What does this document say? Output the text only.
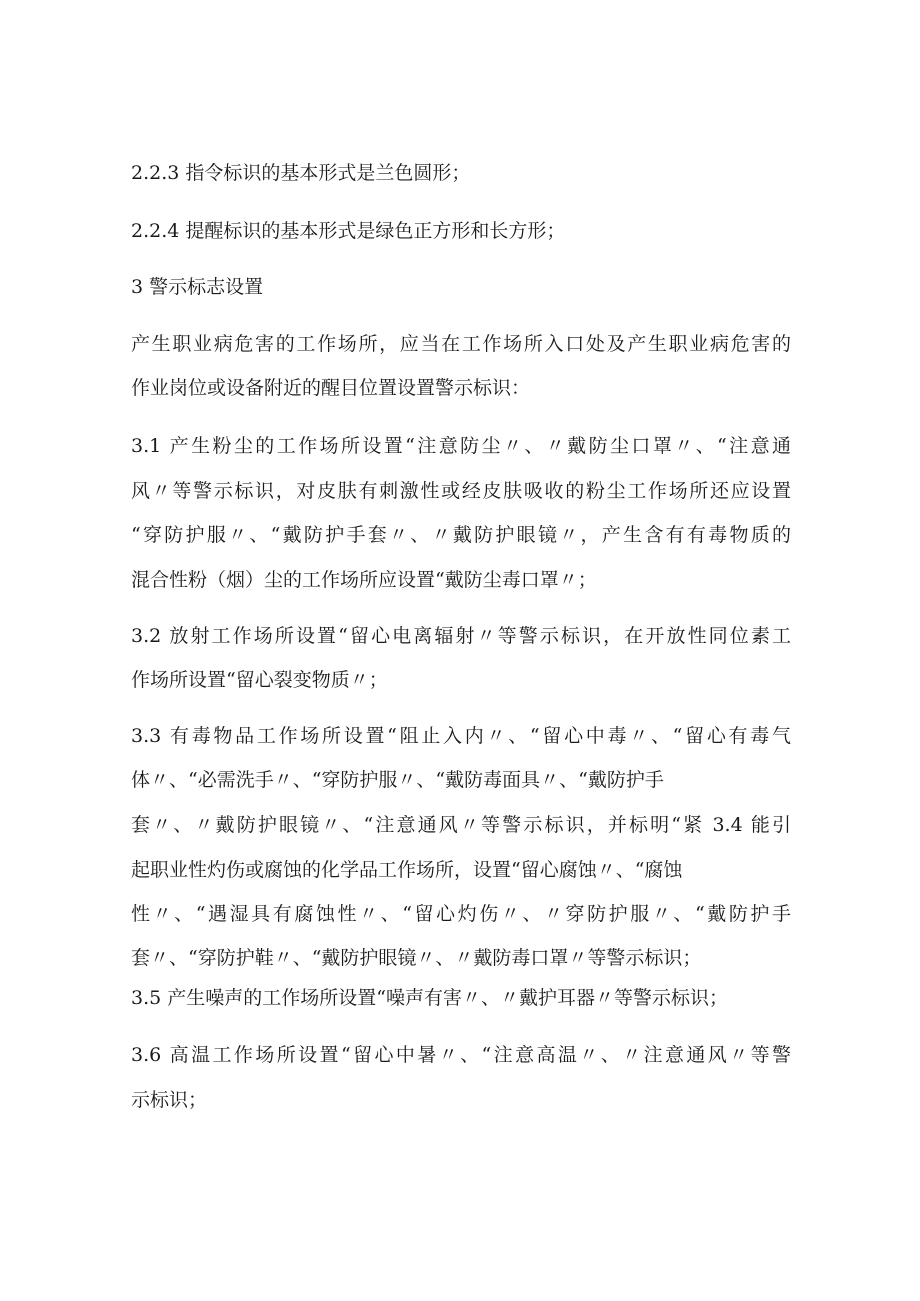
2.2.3 指令标识的基本形式是兰色圆形；
2.2.4 提醒标识的基本形式是绿色正方形和长方形；
3 警示标志设置
产生职业病危害的工作场所，应当在工作场所入口处及产生职业病危害的
作业岗位或设备附近的醒目位置设置警示标识：
3.1 产生粉尘的工作场所设置“注意防尘〃、〃戴防尘口罩〃、“注意通
风〃等警示标识，对皮肤有刺激性或经皮肤吸收的粉尘工作场所还应设置
“穿防护服〃、“戴防护手套〃、〃戴防护眼镜〃，产生含有有毒物质的
混合性粉（烟）尘的工作场所应设置“戴防尘毒口罩〃；
3.2 放射工作场所设置“留心电离辐射〃等警示标识，在开放性同位素工
作场所设置“留心裂变物质〃；
3.3 有毒物品工作场所设置“阻止入内〃、“留心中毒〃、“留心有毒气
体〃、“必需洗手〃、“穿防护服〃、“戴防毒面具〃、“戴防护手
套〃、〃戴防护眼镜〃、“注意通风〃等警示标识，并标明“紧 3.4 能引
起职业性灼伤或腐蚀的化学品工作场所，设置“留心腐蚀〃、“腐蚀
性〃、“遇湿具有腐蚀性〃、“留心灼伤〃、〃穿防护服〃、“戴防护手
套〃、“穿防护鞋〃、“戴防护眼镜〃、〃戴防毒口罩〃等警示标识；
3.5 产生噪声的工作场所设置“噪声有害〃、〃戴护耳器〃等警示标识；
3.6 高温工作场所设置“留心中暑〃、“注意高温〃、〃注意通风〃等警
示标识；
